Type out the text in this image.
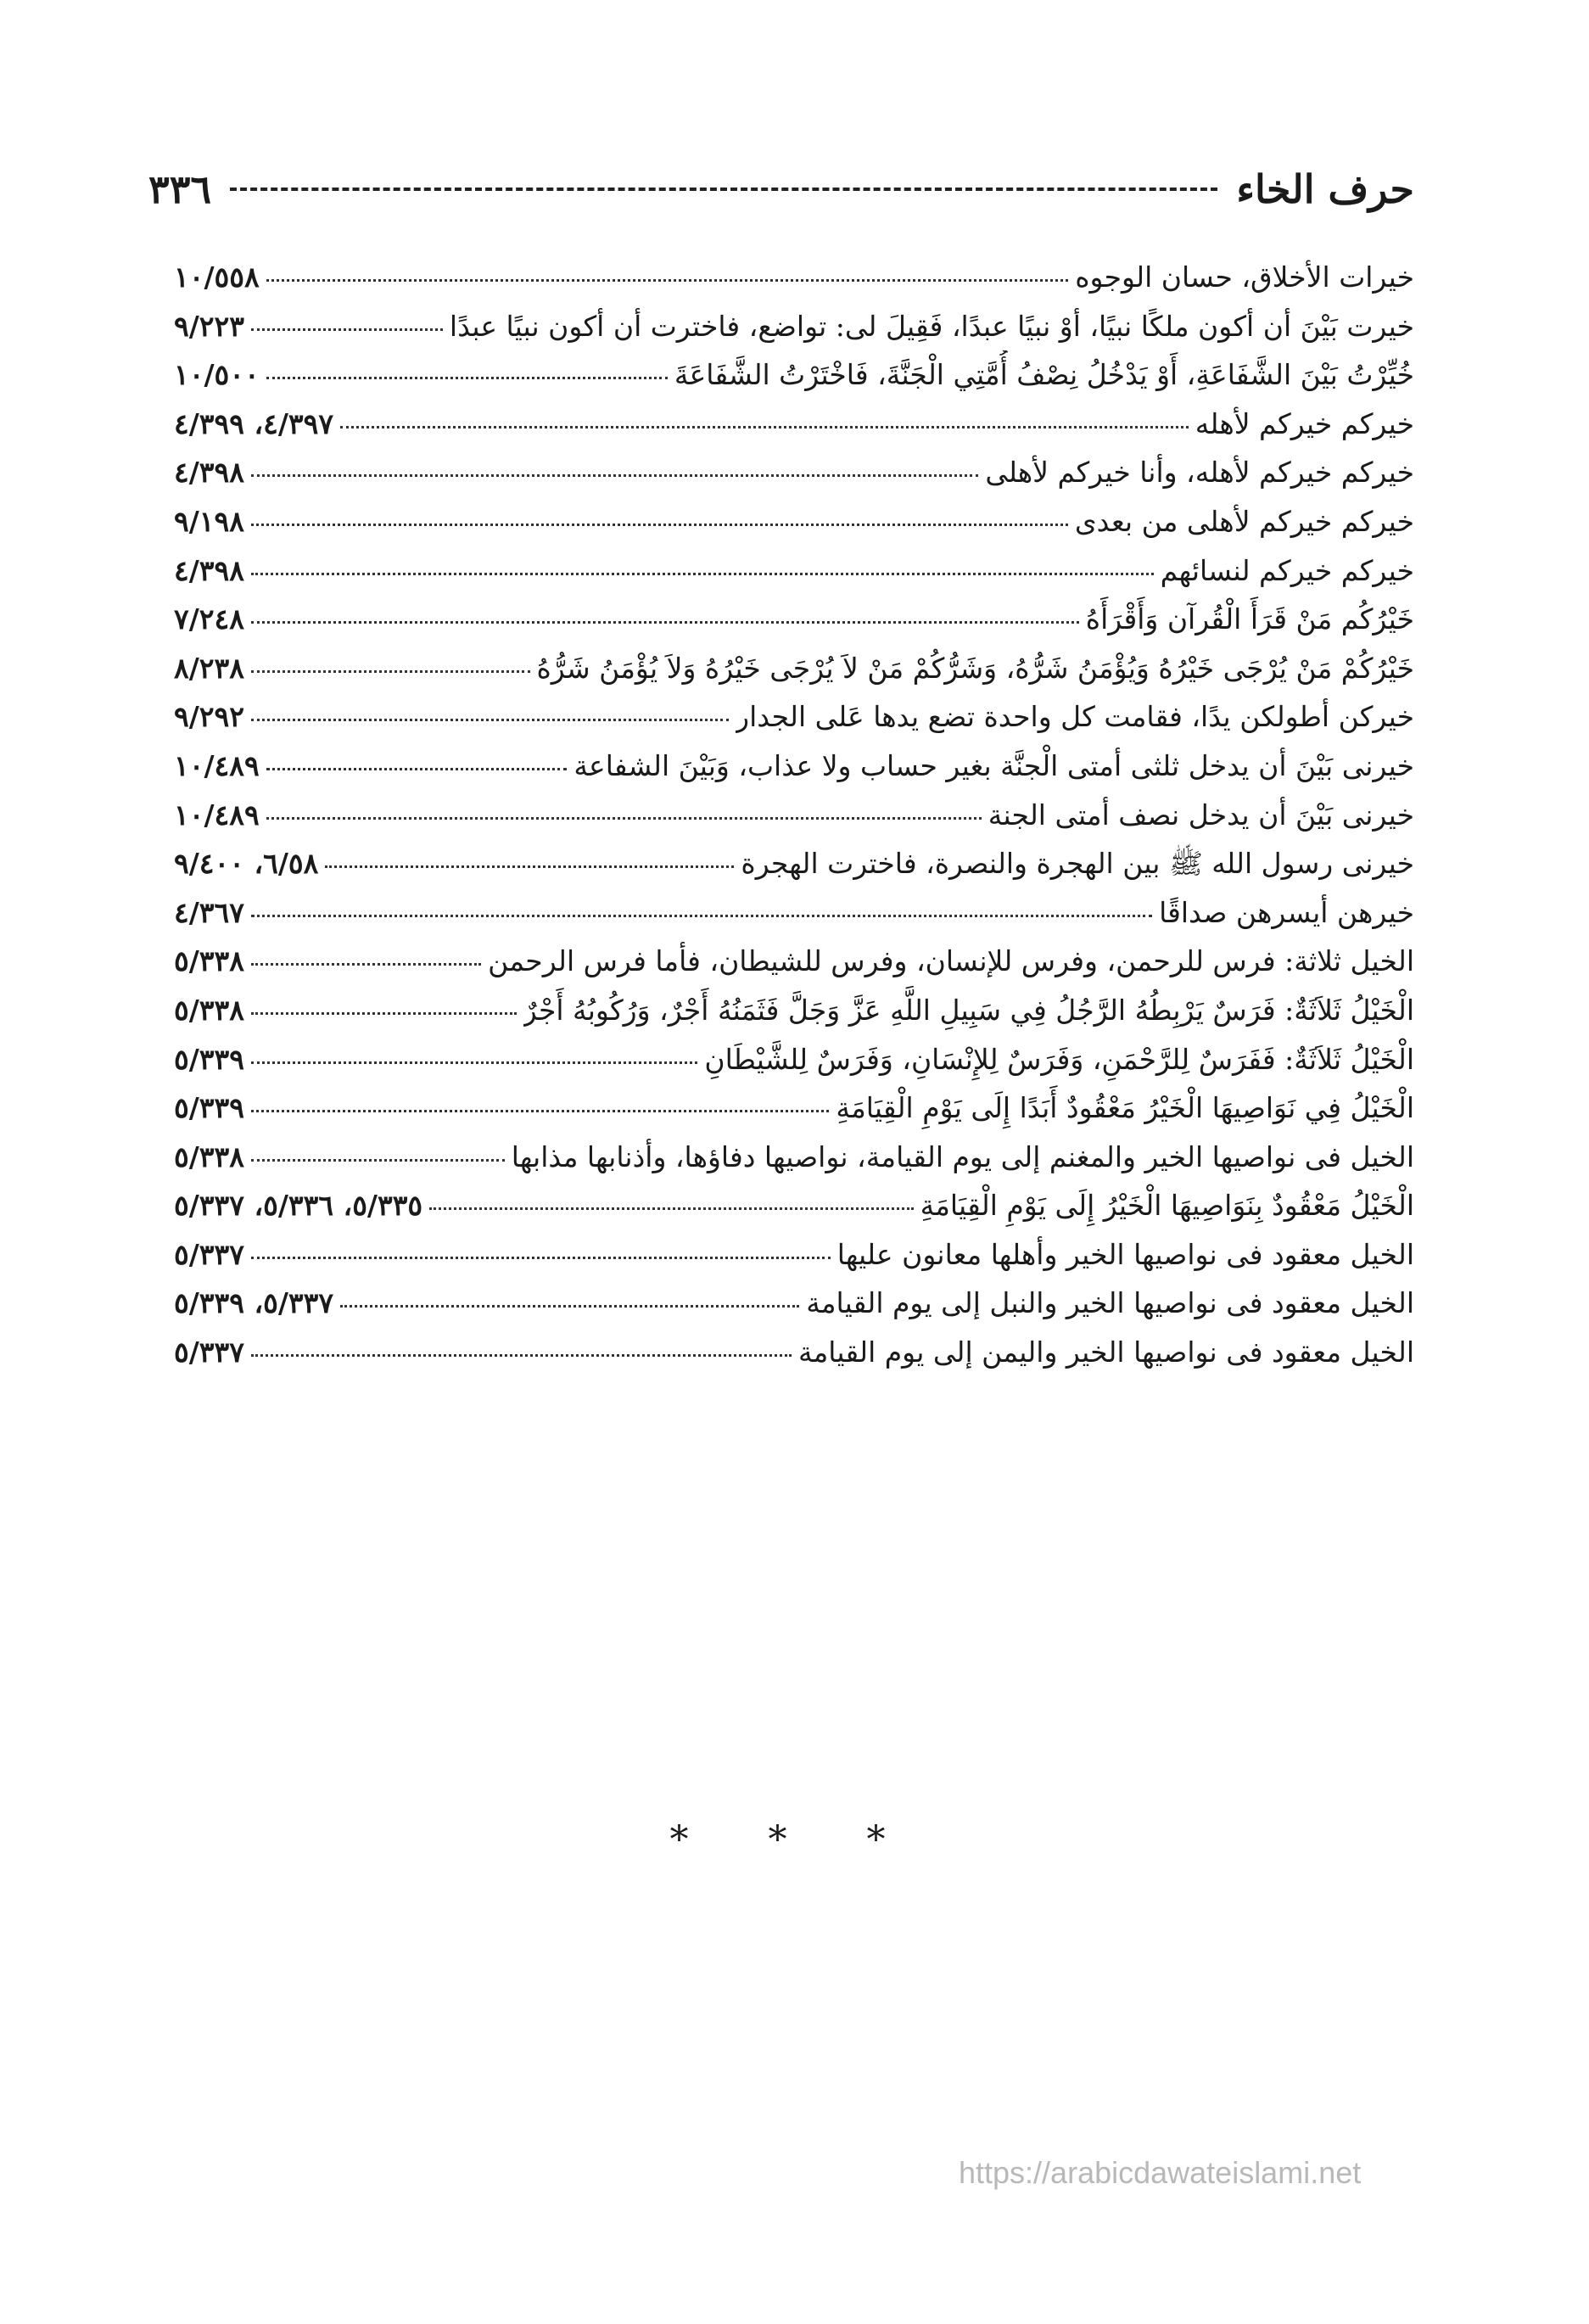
حرف الخاء
٣٣٦
خيرات الأخلاق، حسان الوجوه
١٠/٥٥٨
خيرت بَيْنَ أن أكون ملكًا نبيًا، أوْ نبيًا عبدًا، فَقِيلَ لى: تواضع، فاخترت أن أكون نبيًا عبدًا
٩/٢٢٣
خُيِّرْتُ بَيْنَ الشَّفَاعَةِ، أَوْ يَدْخُلُ نِصْفُ أُمَّتِي الْجَنَّةَ، فَاخْتَرْتُ الشَّفَاعَةَ
١٠/٥٠٠
خيركم خيركم لأهله
٤/٣٩٧، ٤/٣٩٩
خيركم خيركم لأهله، وأنا خيركم لأهلى
٤/٣٩٨
خيركم خيركم لأهلى من بعدى
٩/١٩٨
خيركم خيركم لنسائهم
٤/٣٩٨
خَيْرُكُم مَنْ قَرَأَ الْقُرآن وَأَقْرَأَهُ
٧/٢٤٨
خَيْرُكُمْ مَنْ يُرْجَى خَيْرُهُ وَيُؤْمَنُ شَرُّهُ، وَشَرُّكُمْ مَنْ لاَ يُرْجَى خَيْرُهُ وَلاَ يُؤْمَنُ شَرُّهُ
٨/٢٣٨
خيركن أطولكن يدًا، فقامت كل واحدة تضع يدها عَلى الجدار
٩/٢٩٢
خيرنى بَيْنَ أن يدخل ثلثى أمتى الْجنَّة بغير حساب ولا عذاب، وَبَيْنَ الشفاعة
١٠/٤٨٩
خيرنى بَيْنَ أن يدخل نصف أمتى الجنة
١٠/٤٨٩
خيرنى رسول الله ﷺ بين الهجرة والنصرة، فاخترت الهجرة
٦/٥٨، ٩/٤٠٠
خيرهن أيسرهن صداقًا
٤/٣٦٧
الخيل ثلاثة: فرس للرحمن، وفرس للإنسان، وفرس للشيطان، فأما فرس الرحمن
٥/٣٣٨
الْخَيْلُ ثَلاَثَةٌ: فَرَسٌ يَرْبِطُهُ الرَّجُلُ فِي سَبِيلِ اللَّهِ عَزَّ وَجَلَّ فَثَمَنُهُ أَجْرٌ، وَرُكُوبُهُ أَجْرٌ
٥/٣٣٨
الْخَيْلُ ثَلاَثَةٌ: فَفَرَسٌ لِلرَّحْمَنِ، وَفَرَسٌ لِلإِنْسَانِ، وَفَرَسٌ لِلشَّيْطَانِ
٥/٣٣٩
الْخَيْلُ فِي نَوَاصِيهَا الْخَيْرُ مَعْقُودٌ أَبَدًا إِلَى يَوْمِ الْقِيَامَةِ
٥/٣٣٩
الخيل فى نواصيها الخير والمغنم إلى يوم القيامة، نواصيها دفاؤها، وأذنابها مذابها
٥/٣٣٨
الْخَيْلُ مَعْقُودٌ بِنَوَاصِيهَا الْخَيْرُ إِلَى يَوْمِ الْقِيَامَةِ
٥/٣٣٥، ٥/٣٣٦، ٥/٣٣٧
الخيل معقود فى نواصيها الخير وأهلها معانون عليها
٥/٣٣٧
الخيل معقود فى نواصيها الخير والنبل إلى يوم القيامة
٥/٣٣٧، ٥/٣٣٩
الخيل معقود فى نواصيها الخير واليمن إلى يوم القيامة
٥/٣٣٧
* * *
https://arabicdawateislami.net
